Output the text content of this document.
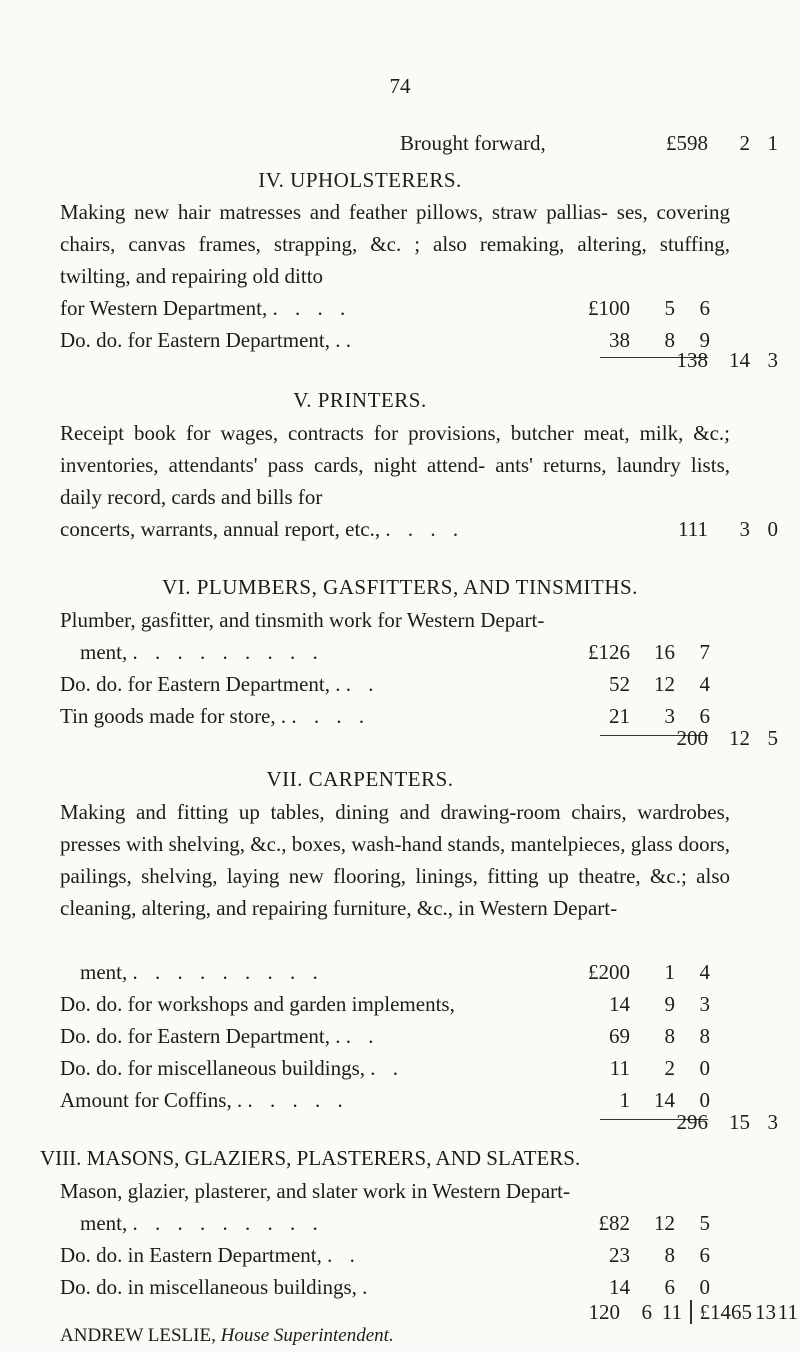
74
Brought forward,	£598	2 1
IV. UPHOLSTERERS.
Making new hair matresses and feather pillows, straw pallias- ses, covering chairs, canvas frames, strapping, &c. ; also remaking, altering, stuffing, twilting, and repairing old ditto
for Western Department, . . . .	£100	5	6
Do. do. for Eastern Department, . .	38	8	9
138	14 3
V. PRINTERS.
Receipt book for wages, contracts for provisions, butcher meat, milk, &c.; inventories, attendants' pass cards, night attend- ants' returns, laundry lists, daily record, cards and bills for
concerts, warrants, annual report, etc., . . . .	111	3 0
VI. PLUMBERS, GASFITTERS, AND TINSMITHS.
Plumber, gasfitter, and tinsmith work for Western Depart-
ment, . . . . . . . . .	£126	16	7
Do. do. for Eastern Department, . . .	52	12	4
Tin goods made for store, . . . . .	21	3	6
200	12 5
VII. CARPENTERS.
Making and fitting up tables, dining and drawing-room chairs, wardrobes, presses with shelving, &c., boxes, wash-hand stands, mantelpieces, glass doors, pailings, shelving, laying new flooring, linings, fitting up theatre, &c.; also cleaning, altering, and repairing furniture, &c., in Western Depart-
ment, . . . . . . . . .	£200	1	4
Do. do. for workshops and garden implements,	14	9	3
Do. do. for Eastern Department, . . .	69	8	8
Do. do. for miscellaneous buildings, . .	11	2	0
Amount for Coffins, . . . . . .	1	14	0
296	15 3
VIII. MASONS, GLAZIERS, PLASTERERS, AND SLATERS.
Mason, glazier, plasterer, and slater work in Western Depart-
ment, . . . . . . . . .	£82	12	5
Do. do. in Eastern Department, . .	23	8	6
Do. do. in miscellaneous buildings, .	14	6	0
120	6 11 £1465 13 11
ANDREW LESLIE, House Superintendent.
